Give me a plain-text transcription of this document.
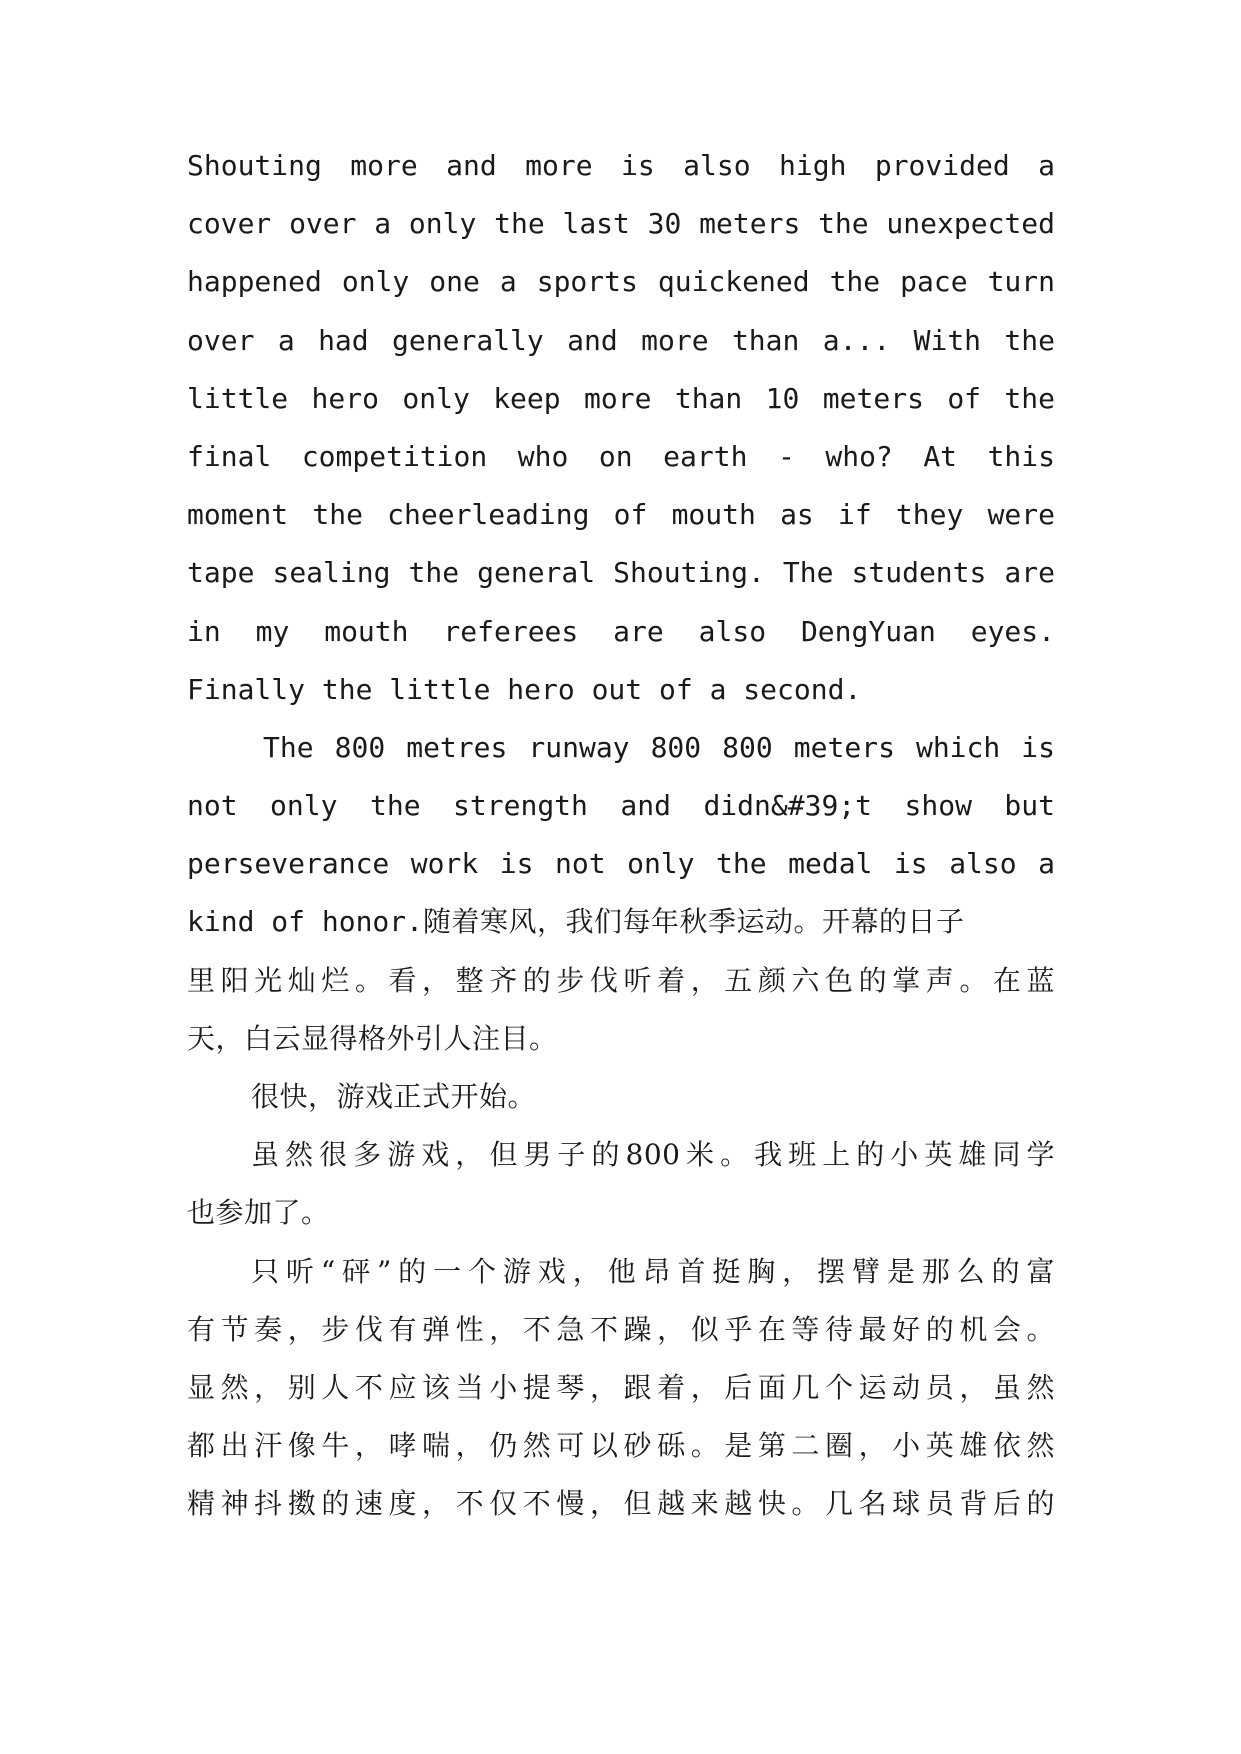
Shouting more and more is also high provided a
cover over a only the last 30 meters the unexpected
happened only one a sports quickened the pace turn
over a had generally and more than a... With the
little hero only keep more than 10 meters of the
final competition who on earth - who? At this
moment the cheerleading of mouth as if they were
tape sealing the general Shouting. The students are
in my mouth referees are also DengYuan eyes.
Finally the little hero out of a second.
The 800 metres runway 800 800 meters which is
not only the strength and didn&#39;t show but
perseverance work is not only the medal is also a
kind of honor.随着寒风，我们每年秋季运动。开幕的日子
里阳光灿烂。看，整齐的步伐听着，五颜六色的掌声。在蓝
天，白云显得格外引人注目。
很快，游戏正式开始。
虽然很多游戏，但男子的800米。我班上的小英雄同学
也参加了。
只听“砰”的一个游戏，他昂首挺胸，摆臂是那么的富
有节奏，步伐有弹性，不急不躁，似乎在等待最好的机会。
显然，别人不应该当小提琴，跟着，后面几个运动员，虽然
都出汗像牛，哮喘，仍然可以砂砾。是第二圈，小英雄依然
精神抖擞的速度，不仅不慢，但越来越快。几名球员背后的
